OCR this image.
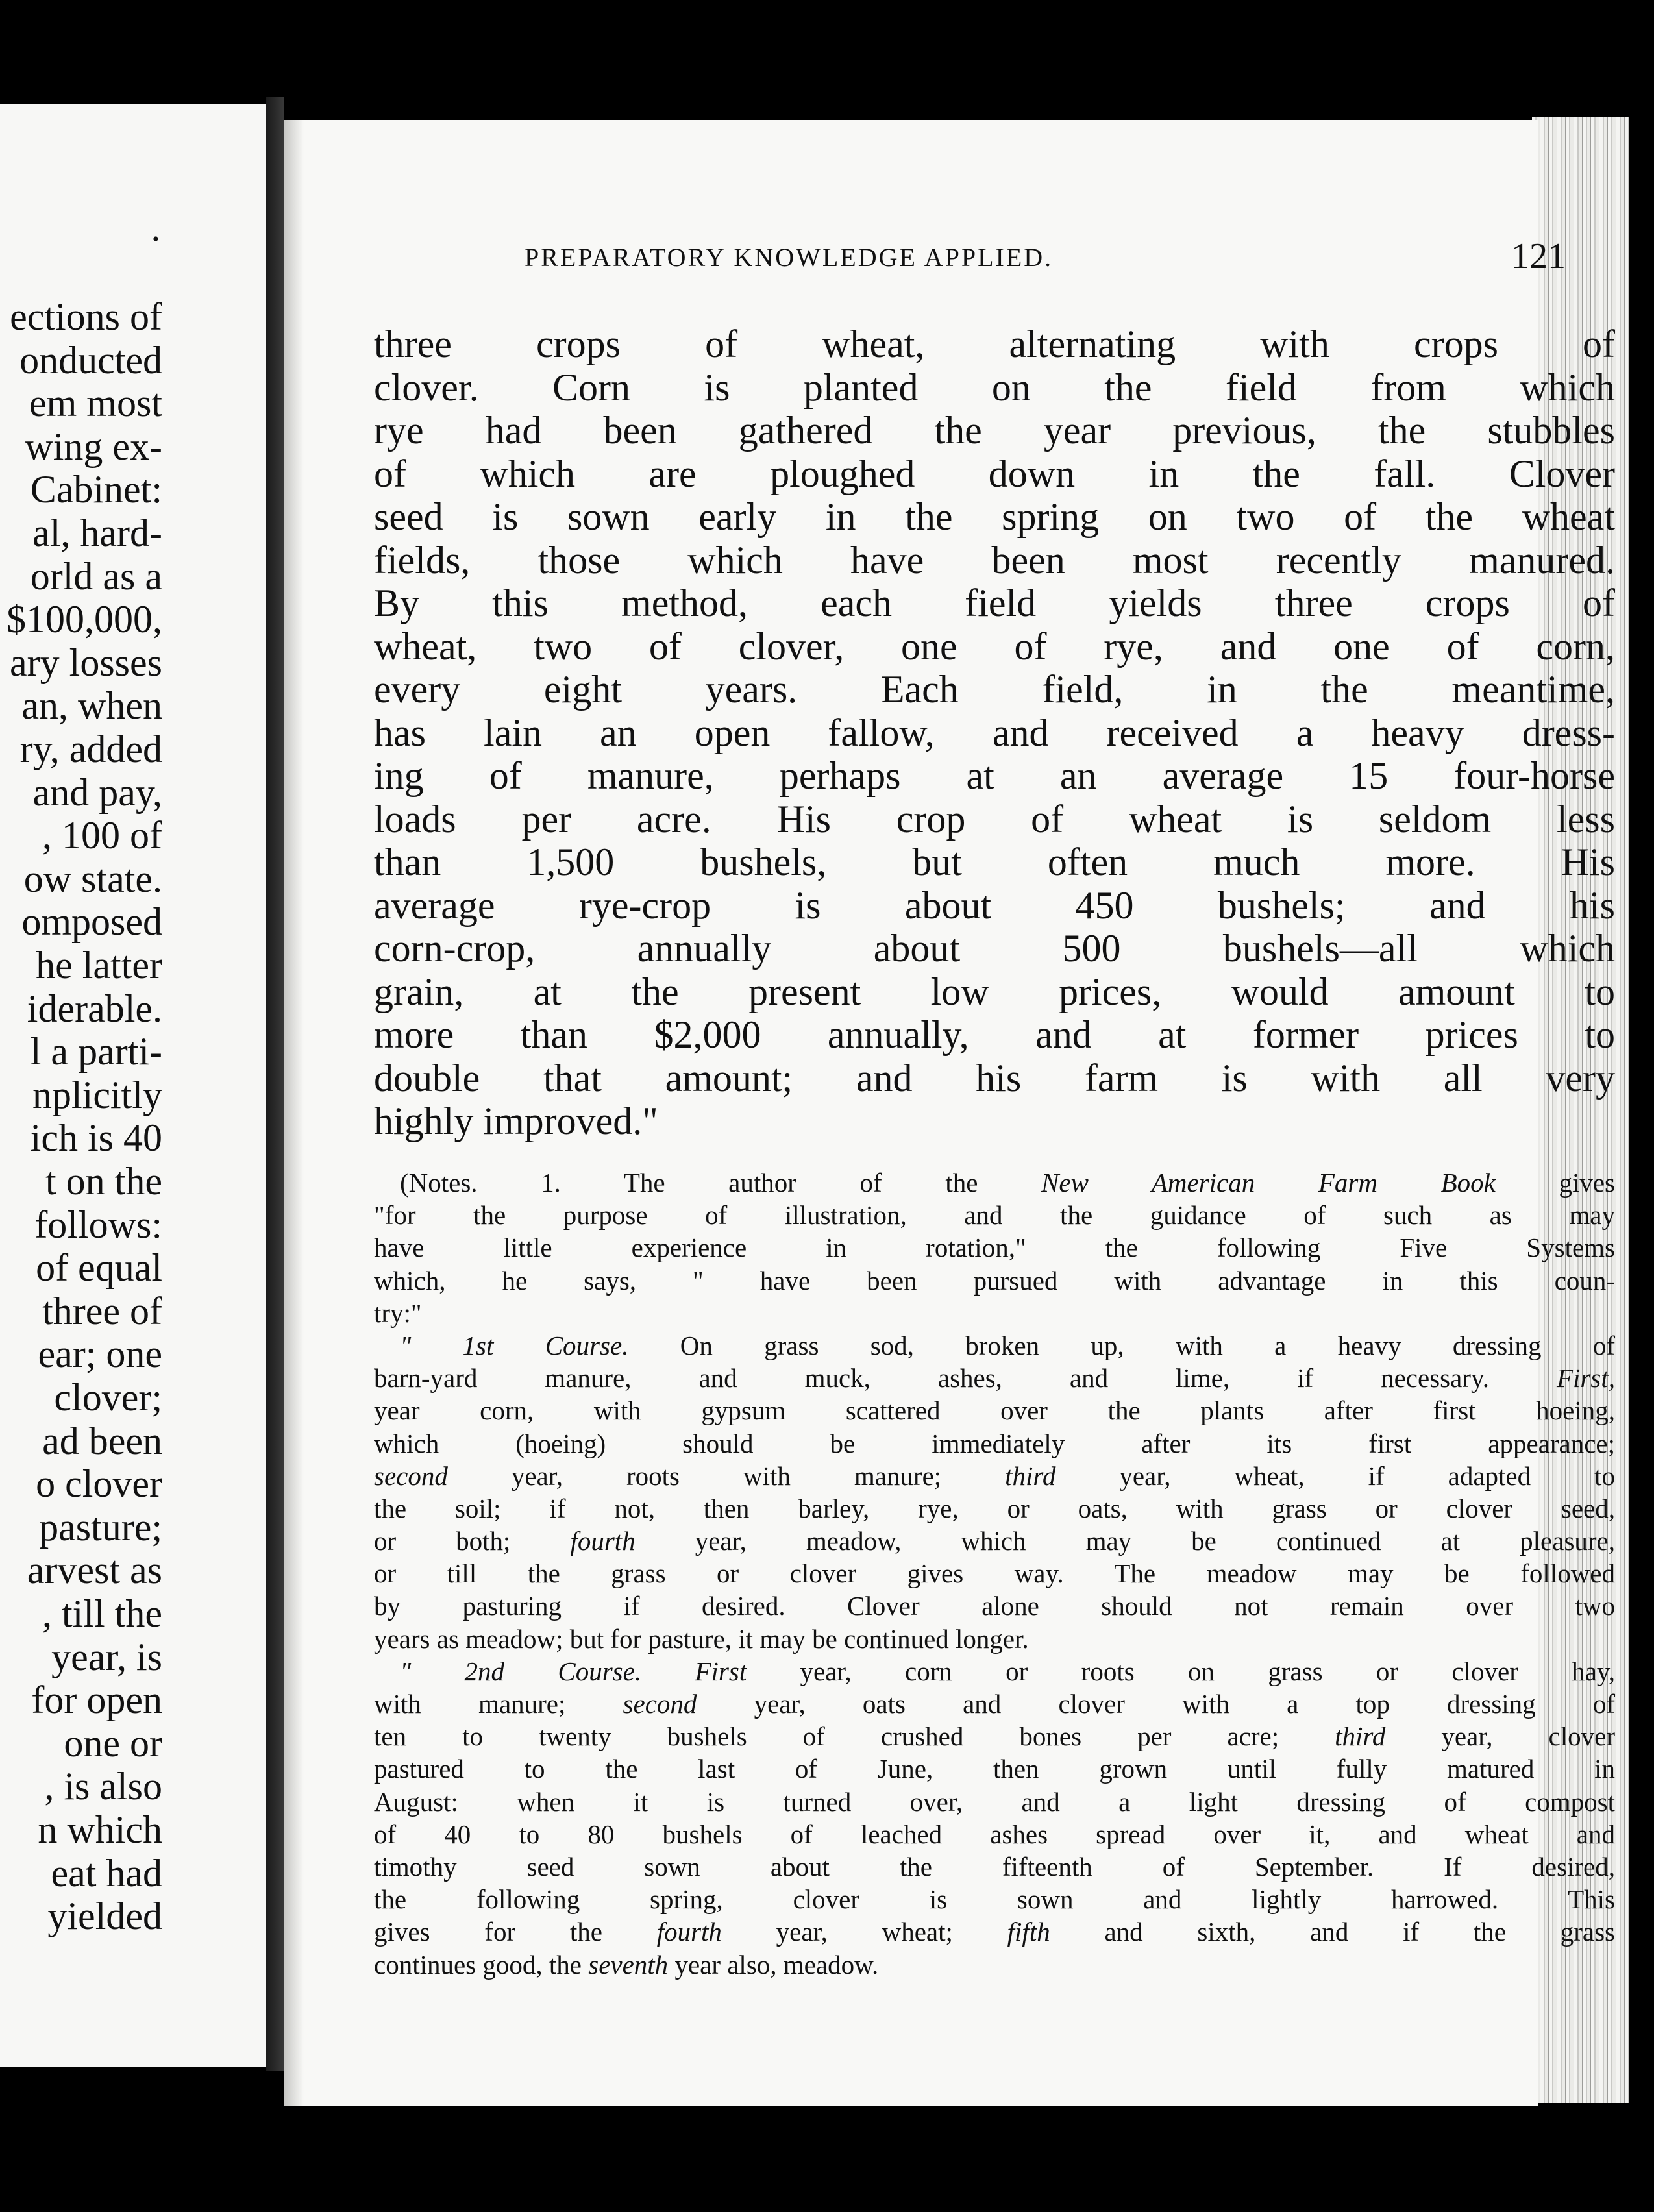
·
ections of
onducted
em most
wing ex-
Cabinet:
al, hard-
orld as a
$100,000,
ary losses
an, when
ry, added
and pay,
, 100 of
ow state.
omposed
he latter
iderable.
l a parti-
nplicitly
ich is 40
t on the
follows:
of equal
three of
ear; one
clover;
ad been
o clover
pasture;
arvest as
, till the
year, is
for open
one or
, is also
n which
eat had
yielded
PREPARATORY KNOWLEDGE APPLIED.	121
three crops of wheat, alternating with crops of
clover. Corn is planted on the field from which
rye had been gathered the year previous, the stubbles
of which are ploughed down in the fall. Clover
seed is sown early in the spring on two of the wheat
fields, those which have been most recently manured.
By this method, each field yields three crops of
wheat, two of clover, one of rye, and one of corn,
every eight years. Each field, in the meantime,
has lain an open fallow, and received a heavy dress-
ing of manure, perhaps at an average 15 four-horse
loads per acre. His crop of wheat is seldom less
than 1,500 bushels, but often much more. His
average rye-crop is about 450 bushels; and his
corn-crop, annually about 500 bushels—all which
grain, at the present low prices, would amount to
more than $2,000 annually, and at former prices to
double that amount; and his farm is with all very
highly improved."
(Notes. 1. The author of the New American Farm Book gives
"for the purpose of illustration, and the guidance of such as may
have little experience in rotation," the following Five Systems
which, he says, " have been pursued with advantage in this coun-
try:"
" 1st Course. On grass sod, broken up, with a heavy dressing of
barn-yard manure, and muck, ashes, and lime, if necessary. First,
year corn, with gypsum scattered over the plants after first hoeing,
which (hoeing) should be immediately after its first appearance;
second year, roots with manure; third year, wheat, if adapted to
the soil; if not, then barley, rye, or oats, with grass or clover seed,
or both; fourth year, meadow, which may be continued at pleasure,
or till the grass or clover gives way. The meadow may be followed
by pasturing if desired. Clover alone should not remain over two
years as meadow; but for pasture, it may be continued longer.
" 2nd Course. First year, corn or roots on grass or clover hay,
with manure; second year, oats and clover with a top dressing of
ten to twenty bushels of crushed bones per acre; third year, clover
pastured to the last of June, then grown until fully matured in
August: when it is turned over, and a light dressing of compost
of 40 to 80 bushels of leached ashes spread over it, and wheat and
timothy seed sown about the fifteenth of September. If desired,
the following spring, clover is sown and lightly harrowed. This
gives for the fourth year, wheat; fifth and sixth, and if the grass
continues good, the seventh year also, meadow.
